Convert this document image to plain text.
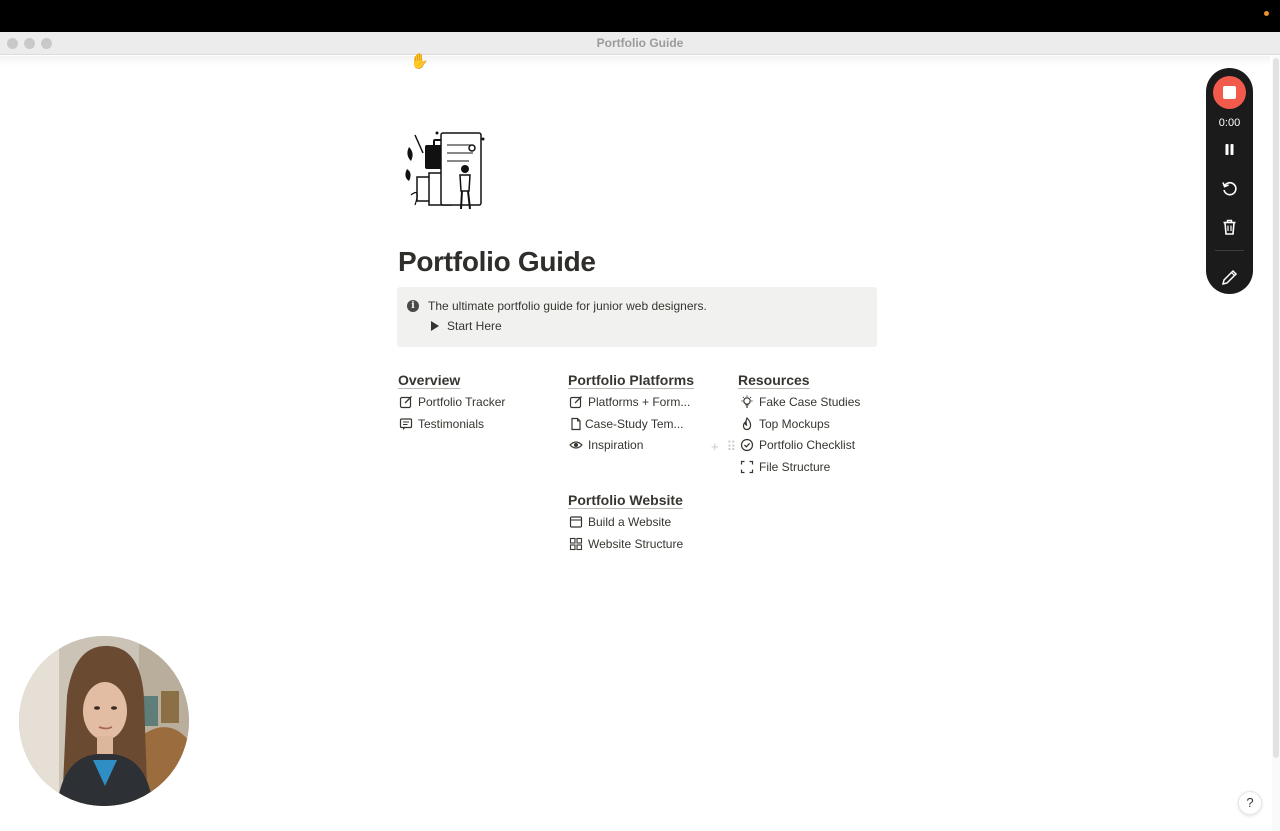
Portfolio Guide
✋
Portfolio Guide
i	The ultimate portfolio guide for junior web designers.
Start Here
Overview
Portfolio Tracker
Testimonials
Portfolio Platforms
Platforms + Form...
Case-Study Tem...
Inspiration	+ ⠿
Resources
Fake Case Studies
Top Mockups
Portfolio Checklist
File Structure
Portfolio Website
Build a Website
Website Structure
0:00
?
